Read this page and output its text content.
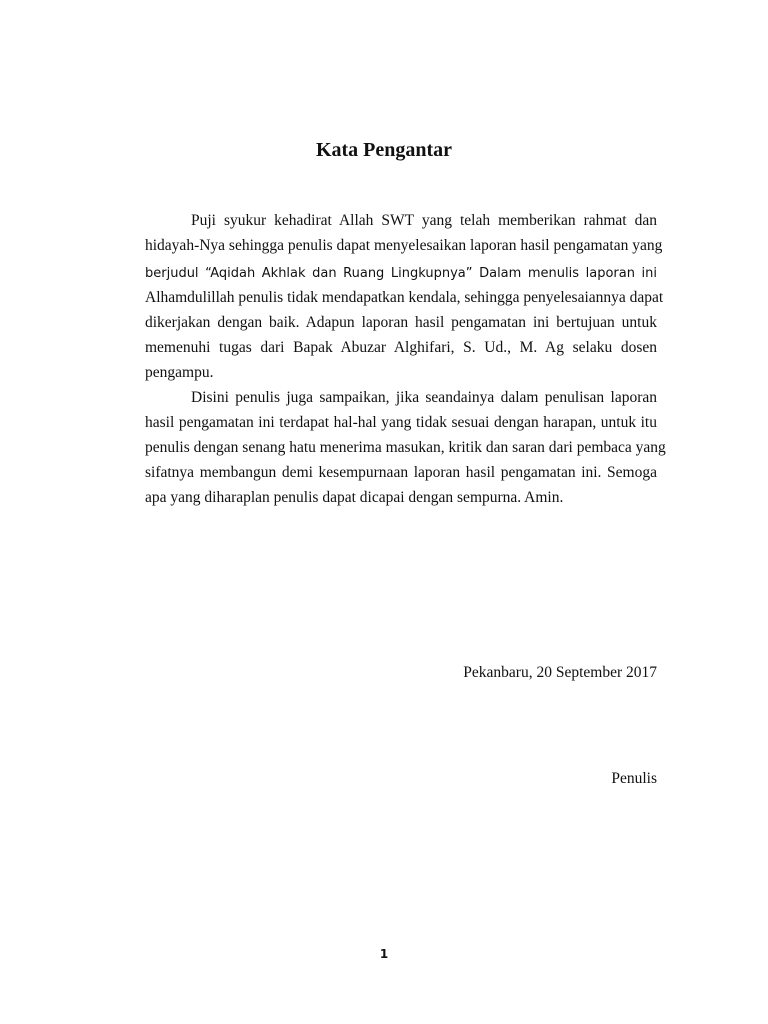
Kata Pengantar
Puji syukur kehadirat Allah SWT yang telah memberikan rahmat dan
hidayah-Nya sehingga penulis dapat menyelesaikan laporan hasil pengamatan yang
berjudul “Aqidah Akhlak dan Ruang Lingkupnya” Dalam menulis laporan ini
Alhamdulillah penulis tidak mendapatkan kendala, sehingga penyelesaiannya dapat
dikerjakan dengan baik. Adapun laporan hasil pengamatan ini bertujuan untuk
memenuhi tugas dari Bapak Abuzar Alghifari, S. Ud., M. Ag selaku dosen
pengampu.
Disini penulis juga sampaikan, jika seandainya dalam penulisan laporan
hasil pengamatan ini terdapat hal-hal yang tidak sesuai dengan harapan, untuk itu
penulis dengan senang hatu menerima masukan, kritik dan saran dari pembaca yang
sifatnya membangun demi kesempurnaan laporan hasil pengamatan ini. Semoga
apa yang diharaplan penulis dapat dicapai dengan sempurna. Amin.
Pekanbaru, 20 September 2017
Penulis
1
